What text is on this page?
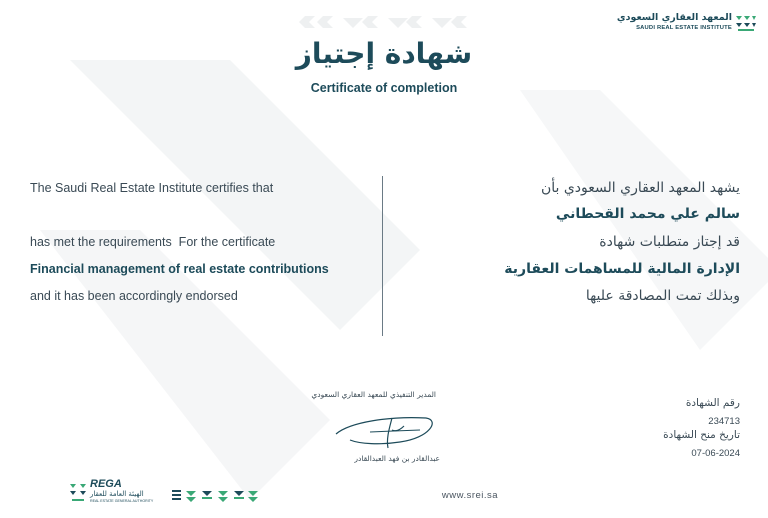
المعهد العقاري السعودي
SAUDI REAL ESTATE INSTITUTE
شهادة إجتياز
Certificate of completion
The Saudi Real Estate Institute certifies that
has met the requirements  For the certificate
Financial management of real estate contributions
and it has been accordingly endorsed
يشهد المعهد العقاري السعودي بأن
سالم علي محمد القحطاني
قد إجتاز متطلبات شهادة
الإدارة المالية للمساهمات العقارية
وبذلك تمت المصادقة عليها
المدير التنفيذي للمعهد العقاري السعودي
عبدالقادر بن فهد العبدالقادر
رقم الشهادة
234713
تاريخ منح الشهادة
07-06-2024
REGA
الهيئة العامة للعقار
REAL ESTATE GENERAL AUTHORITY	www.srei.sa
